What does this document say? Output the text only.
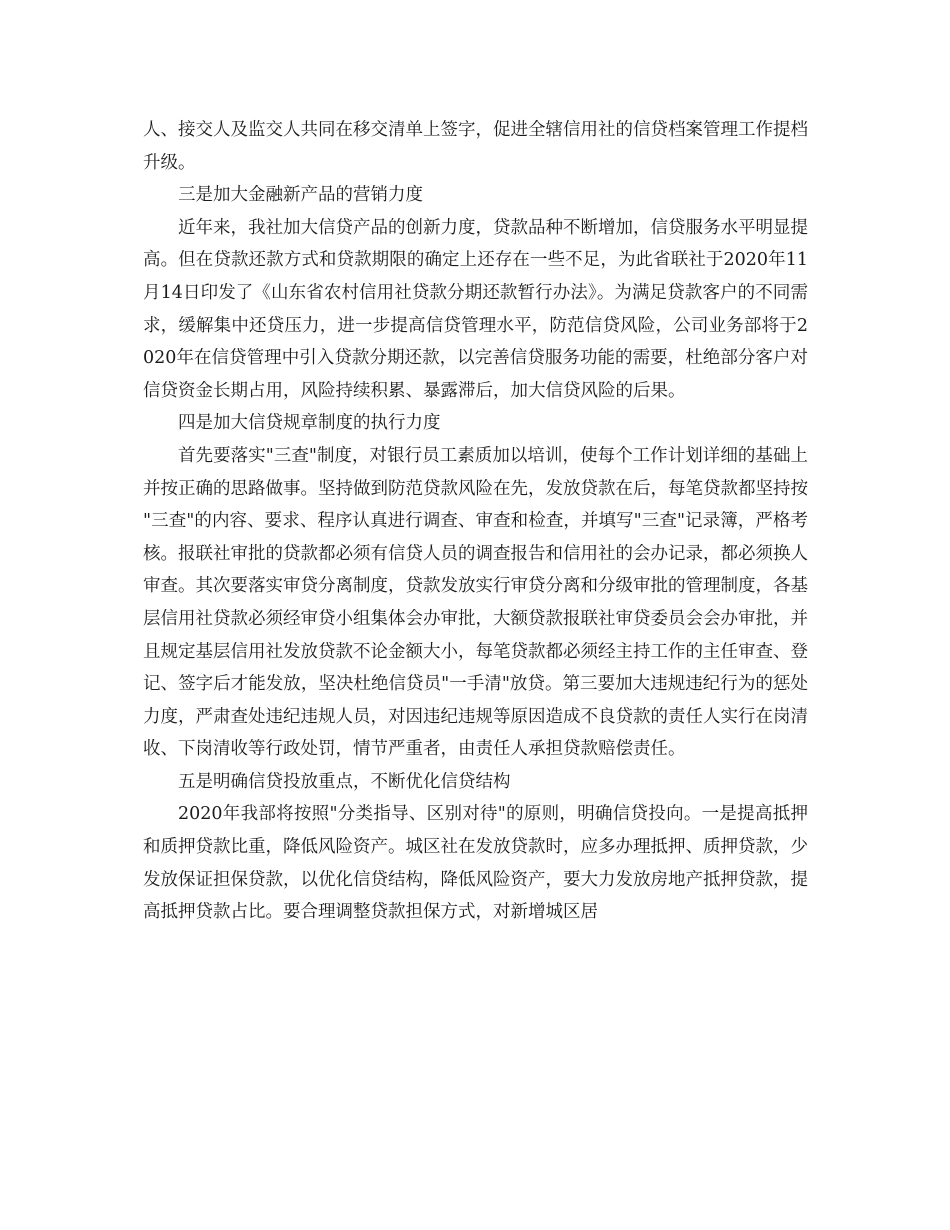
人、接交人及监交人共同在移交清单上签字，促进全辖信用社的信贷档案管理工作提档升级。

三是加大金融新产品的营销力度

近年来，我社加大信贷产品的创新力度，贷款品种不断增加，信贷服务水平明显提高。但在贷款还款方式和贷款期限的确定上还存在一些不足，为此省联社于2020年11月14日印发了《山东省农村信用社贷款分期还款暂行办法》。为满足贷款客户的不同需求，缓解集中还贷压力，进一步提高信贷管理水平，防范信贷风险，公司业务部将于2020年在信贷管理中引入贷款分期还款，以完善信贷服务功能的需要，杜绝部分客户对信贷资金长期占用，风险持续积累、暴露滞后，加大信贷风险的后果。

四是加大信贷规章制度的执行力度

首先要落实"三查"制度，对银行员工素质加以培训，使每个工作计划详细的基础上并按正确的思路做事。坚持做到防范贷款风险在先，发放贷款在后，每笔贷款都坚持按"三查"的内容、要求、程序认真进行调查、审查和检查，并填写"三查"记录簿，严格考核。报联社审批的贷款都必须有信贷人员的调查报告和信用社的会办记录，都必须换人审查。其次要落实审贷分离制度，贷款发放实行审贷分离和分级审批的管理制度，各基层信用社贷款必须经审贷小组集体会办审批，大额贷款报联社审贷委员会会办审批，并且规定基层信用社发放贷款不论金额大小，每笔贷款都必须经主持工作的主任审查、登记、签字后才能发放，坚决杜绝信贷员"一手清"放贷。第三要加大违规违纪行为的惩处力度，严肃查处违纪违规人员，对因违纪违规等原因造成不良贷款的责任人实行在岗清收、下岗清收等行政处罚，情节严重者，由责任人承担贷款赔偿责任。

五是明确信贷投放重点，不断优化信贷结构

2020年我部将按照"分类指导、区别对待"的原则，明确信贷投向。一是提高抵押和质押贷款比重，降低风险资产。城区社在发放贷款时，应多办理抵押、质押贷款，少发放保证担保贷款，以优化信贷结构，降低风险资产，要大力发放房地产抵押贷款，提高抵押贷款占比。要合理调整贷款担保方式，对新增城区居
